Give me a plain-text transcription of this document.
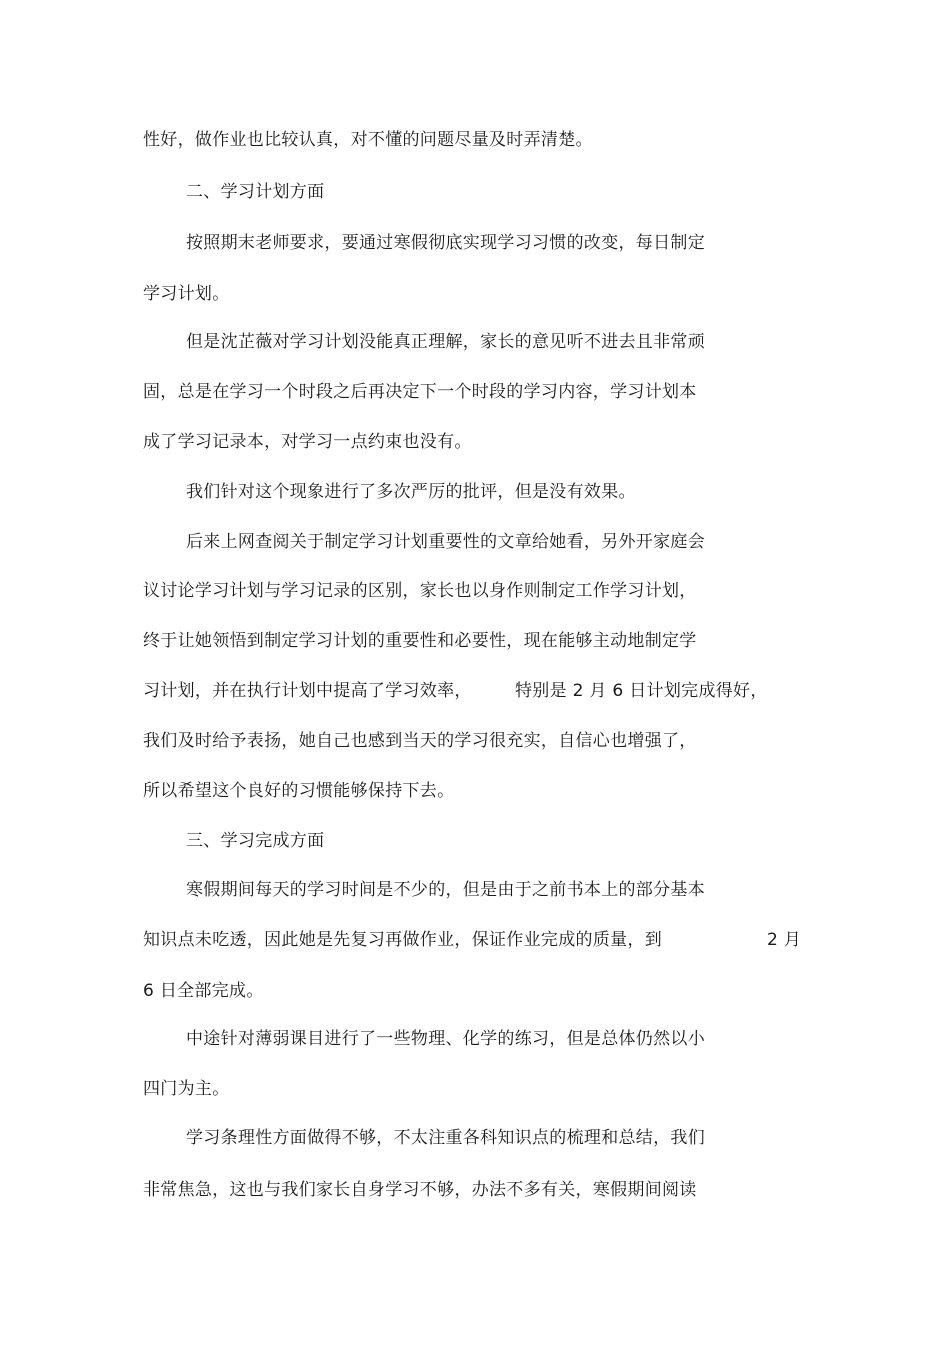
性好，做作业也比较认真，对不懂的问题尽量及时弄清楚。
二、学习计划方面
按照期末老师要求，要通过寒假彻底实现学习习惯的改变，每日制定
学习计划。
但是沈芷薇对学习计划没能真正理解，家长的意见听不进去且非常顽
固，总是在学习一个时段之后再决定下一个时段的学习内容，学习计划本
成了学习记录本，对学习一点约束也没有。
我们针对这个现象进行了多次严厉的批评，但是没有效果。
后来上网查阅关于制定学习计划重要性的文章给她看，另外开家庭会
议讨论学习计划与学习记录的区别，家长也以身作则制定工作学习计划，
终于让她领悟到制定学习计划的重要性和必要性，现在能够主动地制定学
习计划，并在执行计划中提高了学习效率，	特别是 2 月 6 日计划完成得好，
我们及时给予表扬，她自己也感到当天的学习很充实，自信心也增强了，
所以希望这个良好的习惯能够保持下去。
三、学习完成方面
寒假期间每天的学习时间是不少的，但是由于之前书本上的部分基本
知识点未吃透，因此她是先复习再做作业，保证作业完成的质量，到	2 月
6 日全部完成。
中途针对薄弱课目进行了一些物理、化学的练习，但是总体仍然以小
四门为主。
学习条理性方面做得不够，不太注重各科知识点的梳理和总结，我们
非常焦急，这也与我们家长自身学习不够，办法不多有关，寒假期间阅读
